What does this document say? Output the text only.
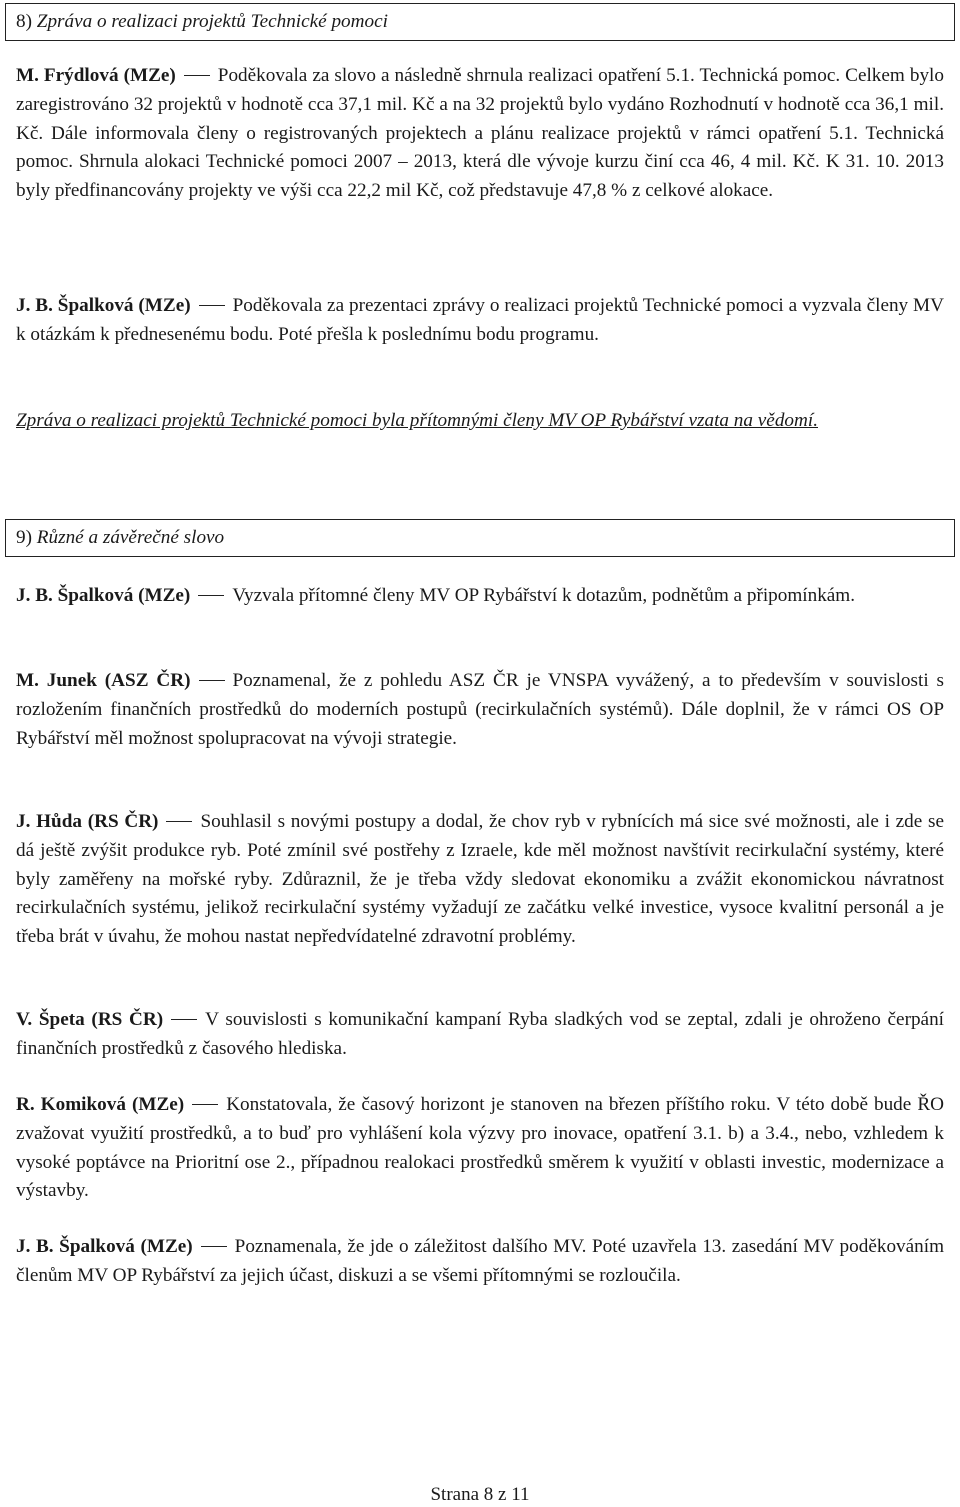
8) Zpráva o realizaci projektů Technické pomoci

M. Frýdlová (MZe) Poděkovala za slovo a následně shrnula realizaci opatření 5.1. Technická pomoc. Celkem bylo zaregistrováno 32 projektů v hodnotě cca 37,1 mil. Kč a na 32 projektů bylo vydáno Rozhodnutí v hodnotě cca 36,1 mil. Kč. Dále informovala členy o registrovaných projektech a plánu realizace projektů v rámci opatření 5.1. Technická pomoc. Shrnula alokaci Technické pomoci 2007 – 2013, která dle vývoje kurzu činí cca 46, 4 mil. Kč. K 31. 10. 2013 byly předfinancovány projekty ve výši cca 22,2 mil Kč, což představuje 47,8 % z celkové alokace.

J. B. Špalková (MZe) Poděkovala za prezentaci zprávy o realizaci projektů Technické pomoci a vyzvala členy MV k otázkám k přednesenému bodu. Poté přešla k poslednímu bodu programu.

Zpráva o realizaci projektů Technické pomoci byla přítomnými členy MV OP Rybářství vzata na vědomí.

9) Různé a závěrečné slovo

J. B. Špalková (MZe) Vyzvala přítomné členy MV OP Rybářství k dotazům, podnětům a připomínkám.

M. Junek (ASZ ČR) Poznamenal, že z pohledu ASZ ČR je VNSPA vyvážený, a to především v souvislosti s rozložením finančních prostředků do moderních postupů (recirkulačních systémů). Dále doplnil, že v rámci OS OP Rybářství měl možnost spolupracovat na vývoji strategie.

J. Hůda (RS ČR) Souhlasil s novými postupy a dodal, že chov ryb v rybnících má sice své možnosti, ale i zde se dá ještě zvýšit produkce ryb. Poté zmínil své postřehy z Izraele, kde měl možnost navštívit recirkulační systémy, které byly zaměřeny na mořské ryby. Zdůraznil, že je třeba vždy sledovat ekonomiku a zvážit ekonomickou návratnost recirkulačních systému, jelikož recirkulační systémy vyžadují ze začátku velké investice, vysoce kvalitní personál a je třeba brát v úvahu, že mohou nastat nepředvídatelné zdravotní problémy.

V. Špeta (RS ČR) V souvislosti s komunikační kampaní Ryba sladkých vod se zeptal, zdali je ohroženo čerpání finančních prostředků z časového hlediska.

R. Komiková (MZe) Konstatovala, že časový horizont je stanoven na březen příštího roku. V této době bude ŘO zvažovat využití prostředků, a to buď pro vyhlášení kola výzvy pro inovace, opatření 3.1. b) a 3.4., nebo, vzhledem k vysoké poptávce na Prioritní ose 2., případnou realokaci prostředků směrem k využití v oblasti investic, modernizace a výstavby.

J. B. Špalková (MZe) Poznamenala, že jde o záležitost dalšího MV. Poté uzavřela 13. zasedání MV poděkováním členům MV OP Rybářství za jejich účast, diskuzi a se všemi přítomnými se rozloučila.

Strana 8 z 11
